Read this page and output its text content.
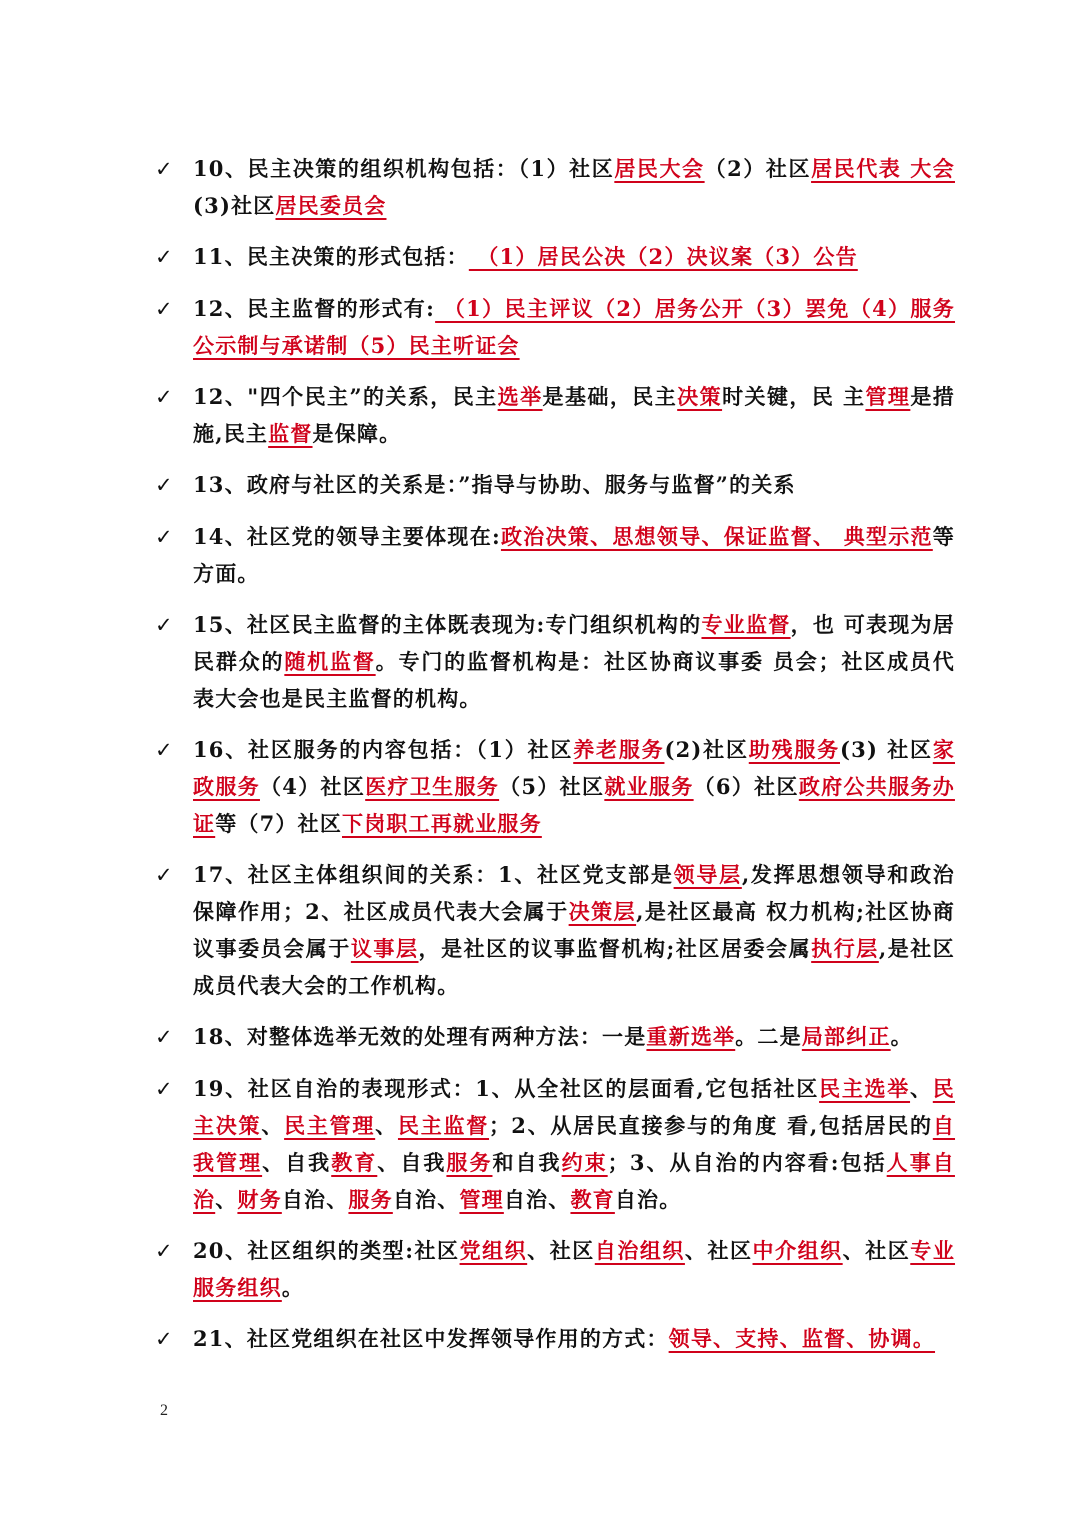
✓ 10、民主决策的组织机构包括：（1）社区居民大会（2）社区居民代表 大会(3)社区居民委员会
✓ 11、民主决策的形式包括： （1）居民公决（2）决议案（3）公告
✓ 12、民主监督的形式有: （1）民主评议（2）居务公开（3）罢免（4）服务公示制与承诺制（5）民主听证会
✓ 12、"四个民主”的关系，民主选举是基础，民主决策时关键，民 主管理是措施,民主监督是保障。
✓ 13、政府与社区的关系是：”指导与协助、服务与监督”的关系
✓ 14、社区党的领导主要体现在:政治决策、思想领导、保证监督、 典型示范等方面。
✓ 15、社区民主监督的主体既表现为:专门组织机构的专业监督，也 可表现为居民群众的随机监督。专门的监督机构是：社区协商议事委 员会；社区成员代表大会也是民主监督的机构。
✓ 16、社区服务的内容包括：（1）社区养老服务(2)社区助残服务(3) 社区家政服务（4）社区医疗卫生服务（5）社区就业服务（6）社区政府公共服务办证等（7）社区下岗职工再就业服务
✓ 17、社区主体组织间的关系：1、社区党支部是领导层,发挥思想领导和政治保障作用；2、社区成员代表大会属于决策层,是社区最高 权力机构;社区协商议事委员会属于议事层，是社区的议事监督机构;社区居委会属执行层,是社区成员代表大会的工作机构。
✓ 18、对整体选举无效的处理有两种方法：一是重新选举。二是局部纠正。
✓ 19、社区自治的表现形式：1、从全社区的层面看,它包括社区民主选举、民主决策、民主管理、民主监督；2、从居民直接参与的角度 看,包括居民的自我管理、自我教育、自我服务和自我约束；3、从自治的内容看:包括人事自治、财务自治、服务自治、管理自治、教育自治。
✓ 20、社区组织的类型:社区党组织、社区自治组织、社区中介组织、社区专业服务组织。
✓ 21、社区党组织在社区中发挥领导作用的方式：领导、支持、监督、协调。
2
